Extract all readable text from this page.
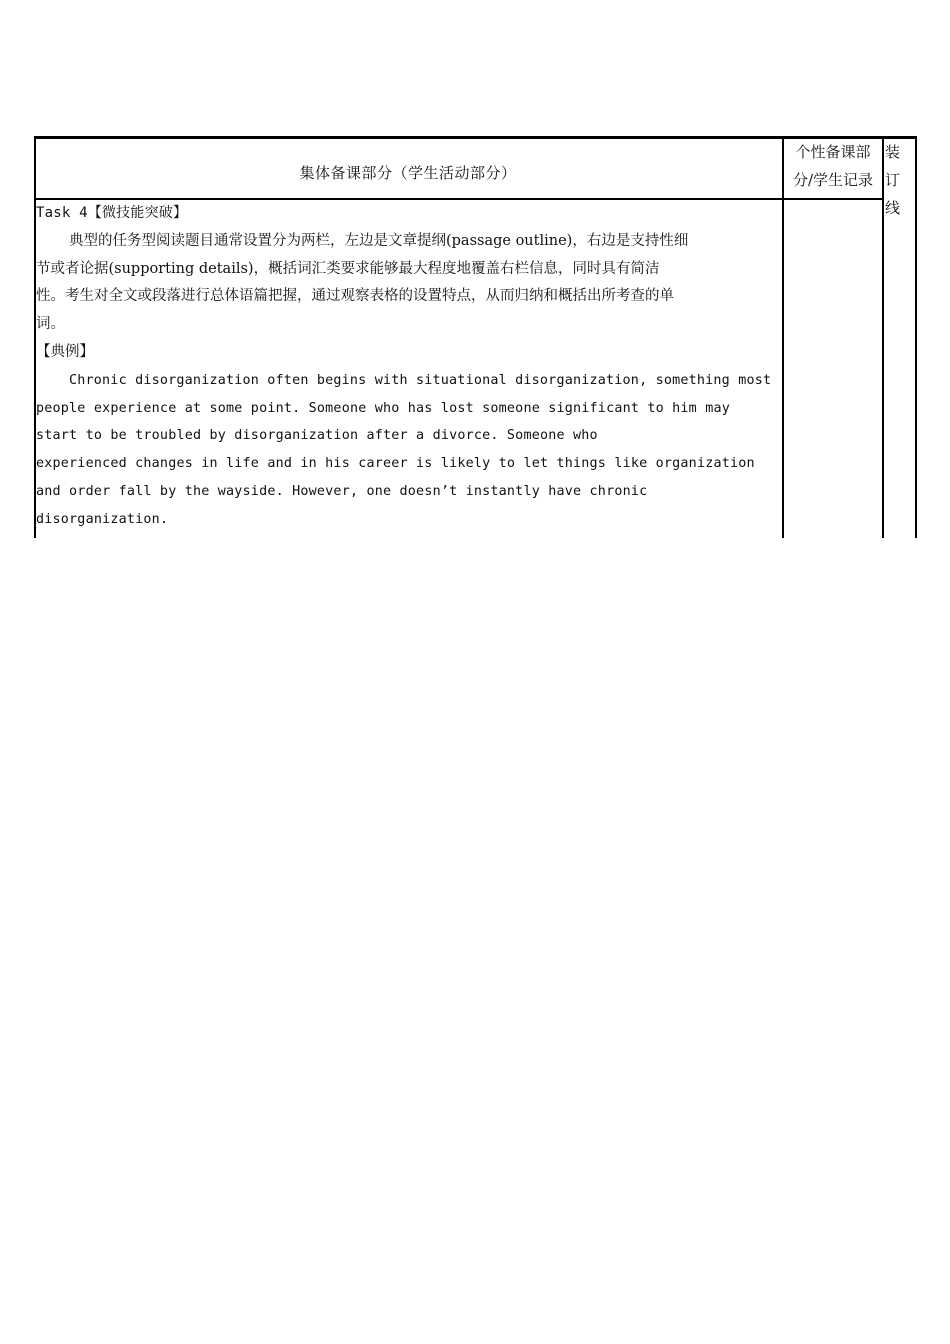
集体备课部分（学生活动部分）
个性备课部
分/学生记录
装
订
线

Task 4【微技能突破】

典型的任务型阅读题目通常设置分为两栏，左边是文章提纲(passage outline)，右边是支持性细

节或者论据(supporting details)，概括词汇类要求能够最大程度地覆盖右栏信息，同时具有简洁

性。考生对全文或段落进行总体语篇把握，通过观察表格的设置特点，从而归纳和概括出所考查的单

词。

【典例】

Chronic disorganization often begins with situational disorganization, something most

people experience at some point. Someone who has lost someone significant to him may

start to be troubled by disorganization after a divorce. Someone who

experienced changes in life and in his career is likely to let things like organization

and order fall by the wayside. However, one doesn’t instantly have chronic

disorganization.
